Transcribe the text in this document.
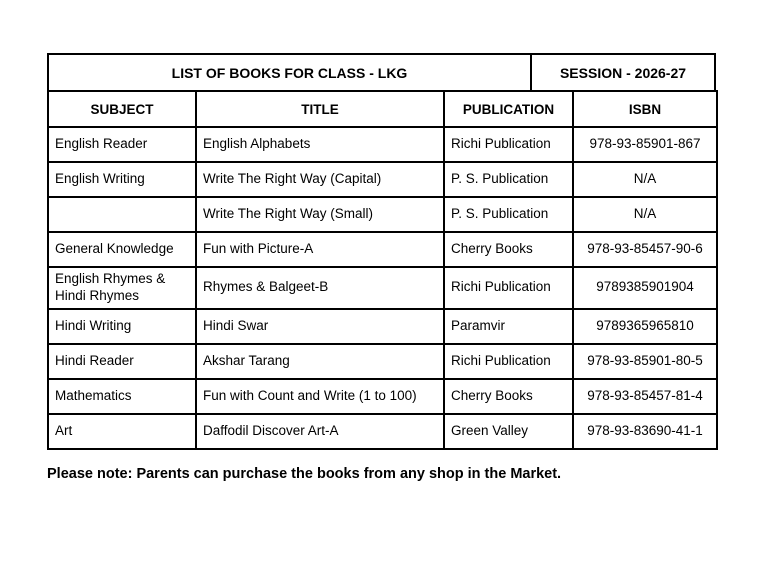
LIST OF BOOKS FOR CLASS - LKG	SESSION - 2026-27
SUBJECT	TITLE	PUBLICATION	ISBN
English Reader	English Alphabets	Richi Publication	978-93-85901-867
English Writing	Write The Right Way (Capital)	P. S. Publication	N/A
	Write The Right Way (Small)	P. S. Publication	N/A
General Knowledge	Fun with Picture-A	Cherry Books	978-93-85457-90-6
English Rhymes & Hindi Rhymes	Rhymes & Balgeet-B	Richi Publication	9789385901904
Hindi Writing	Hindi Swar	Paramvir	9789365965810
Hindi Reader	Akshar Tarang	Richi Publication	978-93-85901-80-5
Mathematics	Fun with Count and Write (1 to 100)	Cherry Books	978-93-85457-81-4
Art	Daffodil Discover Art-A	Green Valley	978-93-83690-41-1
Please note: Parents can purchase the books from any shop in the Market.
